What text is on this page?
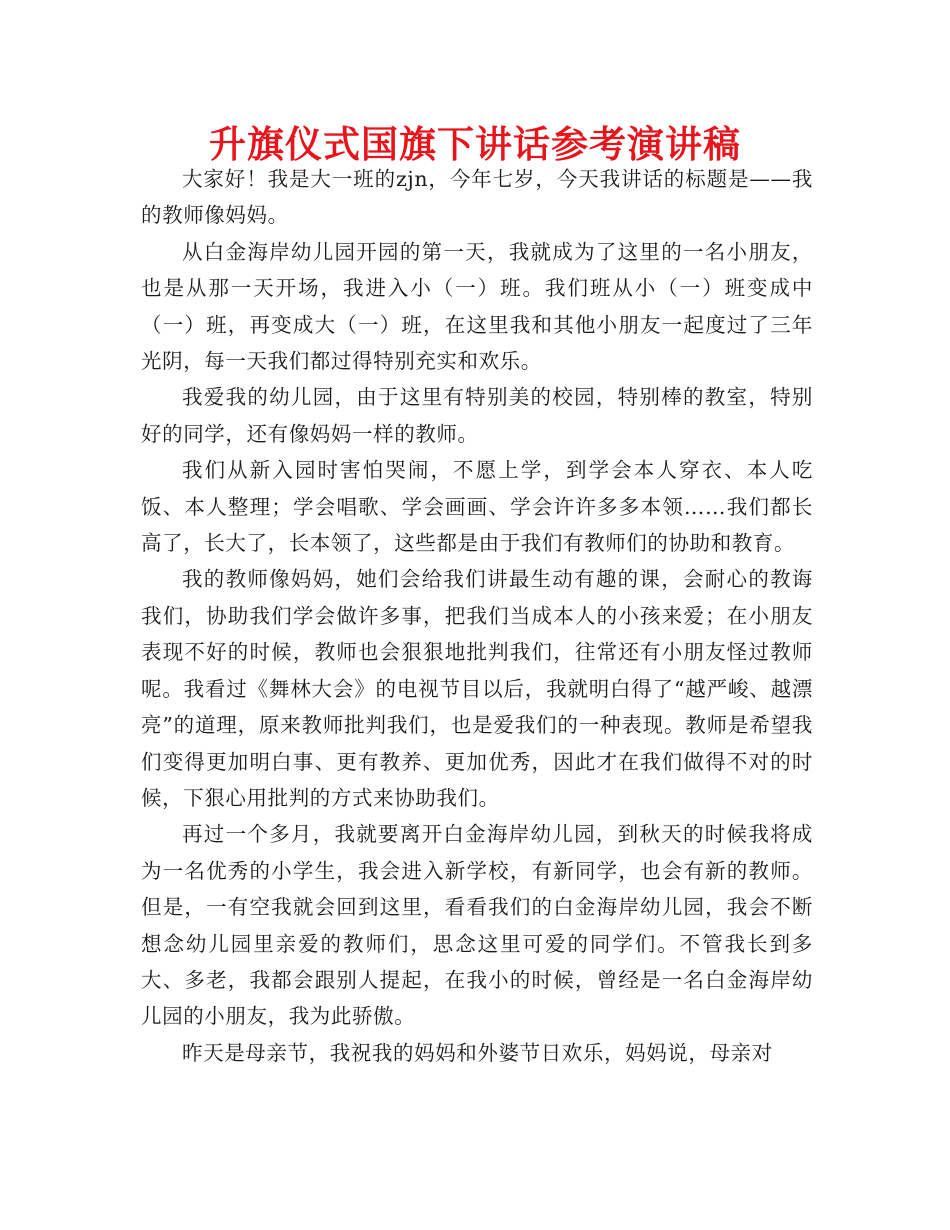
升旗仪式国旗下讲话参考演讲稿

大家好！我是大一班的zjn，今年七岁，今天我讲话的标题是——我的教师像妈妈。

从白金海岸幼儿园开园的第一天，我就成为了这里的一名小朋友，也是从那一天开场，我进入小（一）班。我们班从小（一）班变成中（一）班，再变成大（一）班，在这里我和其他小朋友一起度过了三年光阴，每一天我们都过得特别充实和欢乐。

我爱我的幼儿园，由于这里有特别美的校园，特别棒的教室，特别好的同学，还有像妈妈一样的教师。

我们从新入园时害怕哭闹，不愿上学，到学会本人穿衣、本人吃饭、本人整理；学会唱歌、学会画画、学会许许多多本领……我们都长高了，长大了，长本领了，这些都是由于我们有教师们的协助和教育。

我的教师像妈妈，她们会给我们讲最生动有趣的课，会耐心的教诲我们，协助我们学会做许多事，把我们当成本人的小孩来爱；在小朋友表现不好的时候，教师也会狠狠地批判我们，往常还有小朋友怪过教师呢。我看过《舞林大会》的电视节目以后，我就明白得了“越严峻、越漂亮”的道理，原来教师批判我们，也是爱我们的一种表现。教师是希望我们变得更加明白事、更有教养、更加优秀，因此才在我们做得不对的时候，下狠心用批判的方式来协助我们。

再过一个多月，我就要离开白金海岸幼儿园，到秋天的时候我将成为一名优秀的小学生，我会进入新学校，有新同学，也会有新的教师。但是，一有空我就会回到这里，看看我们的白金海岸幼儿园，我会不断想念幼儿园里亲爱的教师们，思念这里可爱的同学们。不管我长到多大、多老，我都会跟别人提起，在我小的时候，曾经是一名白金海岸幼儿园的小朋友，我为此骄傲。

昨天是母亲节，我祝我的妈妈和外婆节日欢乐，妈妈说，母亲对
